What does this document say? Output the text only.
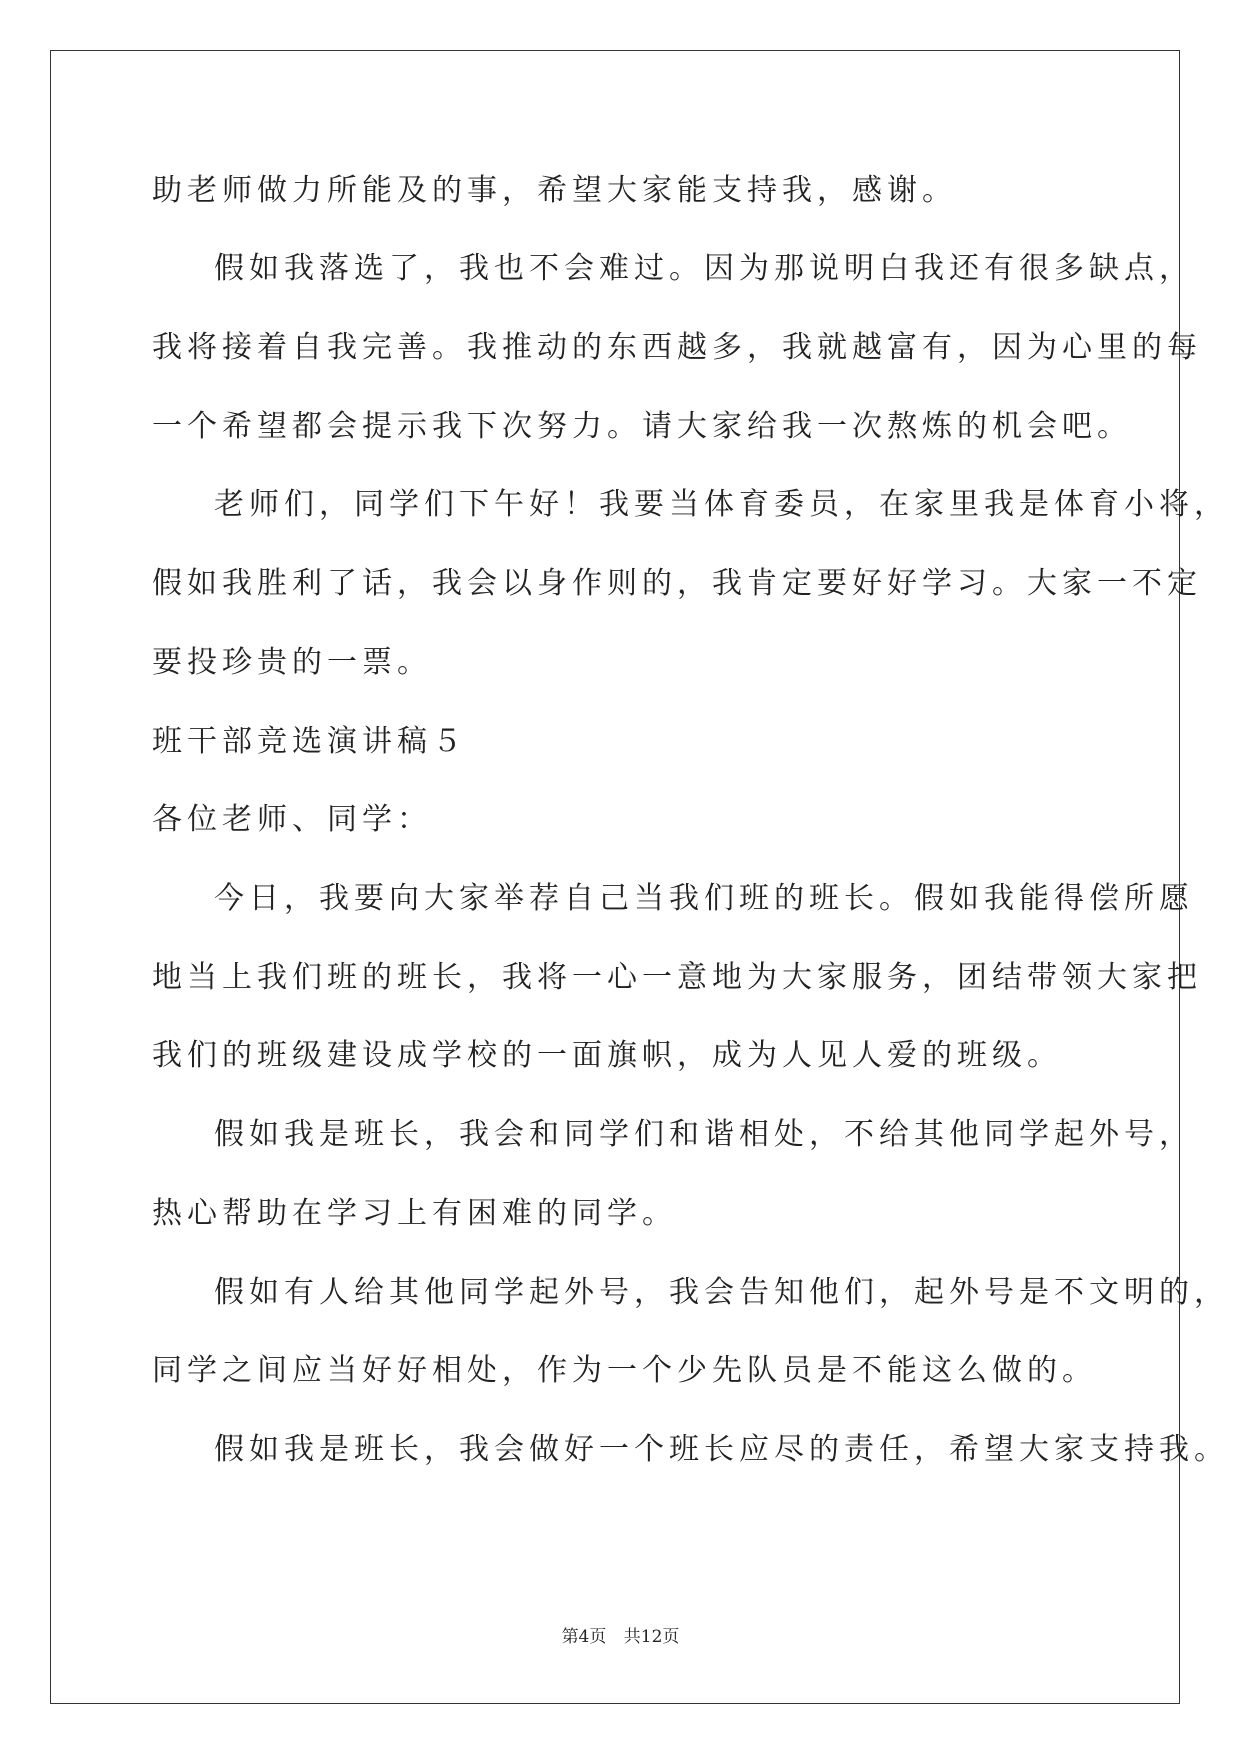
助老师做力所能及的事，希望大家能支持我，感谢。
假如我落选了，我也不会难过。因为那说明白我还有很多缺点，
我将接着自我完善。我推动的东西越多，我就越富有，因为心里的每
一个希望都会提示我下次努力。请大家给我一次熬炼的机会吧。
老师们，同学们下午好！我要当体育委员，在家里我是体育小将，
假如我胜利了话，我会以身作则的，我肯定要好好学习。大家一不定
要投珍贵的一票。
班干部竞选演讲稿５
各位老师、同学：
今日，我要向大家举荐自己当我们班的班长。假如我能得偿所愿
地当上我们班的班长，我将一心一意地为大家服务，团结带领大家把
我们的班级建设成学校的一面旗帜，成为人见人爱的班级。
假如我是班长，我会和同学们和谐相处，不给其他同学起外号，
热心帮助在学习上有困难的同学。
假如有人给其他同学起外号，我会告知他们，起外号是不文明的，
同学之间应当好好相处，作为一个少先队员是不能这么做的。
假如我是班长，我会做好一个班长应尽的责任，希望大家支持我。
第4页 共12页
